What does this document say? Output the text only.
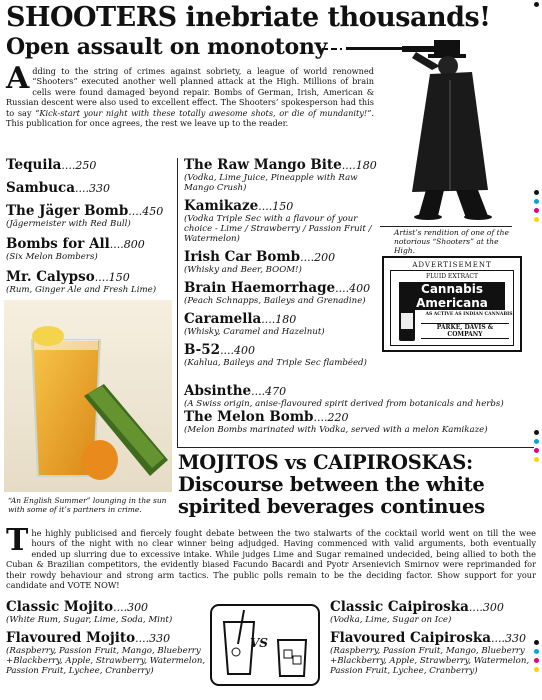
SHOOTERS inebriate thousands!
Open assault on monotony
Adding to the string of crimes against sobriety, a league of world renowned “Shooters” executed another well planned attack at the High. Millions of brain cells were found damaged beyond repair. Bombs of German, Irish, American & Russian descent were also used to excellent effect. The Shooters’ spokesperson had this to say “Kick-start your night with these totally awesome shots, or die of mundanity!”. This publication for once agrees, the rest we leave up to the reader.
Tequila....250
Sambuca....330
The Jäger Bomb....450
(Jägermeister with Red Bull)
Bombs for All....800
(Six Melon Bombers)
Mr. Calypso....150
(Rum, Ginger Ale and Fresh Lime)
The Raw Mango Bite....180
(Vodka, Lime Juice, Pineapple with Raw Mango Crush)
Kamikaze....150
(Vodka Triple Sec with a flavour of your choice - Lime / Strawberry / Passion Fruit / Watermelon)
Irish Car Bomb....200
(Whisky and Beer, BOOM!)
Brain Haemorrhage....400
(Peach Schnapps, Baileys and Grenadine)
Caramella....180
(Whisky, Caramel and Hazelnut)
B-52....400
(Kahlua, Baileys and Triple Sec flambéed)
Absinthe....470
(A Swiss origin, anise-flavoured spirit derived from botanicals and herbs)
The Melon Bomb....220
(Melon Bombs marinated with Vodka, served with a melon Kamikaze)
Artist’s rendition of one of the notorious “Shooters” at the High.
ADVERTISEMENT
FLUID EXTRACT
Cannabis Americana
AS ACTIVE AS INDIAN CANNABIS
PARKE, DAVIS & COMPANY
“An English Summer” lounging in the sun with some of it’s partners in crime.
MOJITOS vs CAIPIROSKAS: Discourse between the white spirited beverages continues
The highly publicised and fiercely fought debate between the two stalwarts of the cocktail world went on till the wee hours of the night with no clear winner being adjudged. Having commenced with valid arguments, both eventually ended up slurring due to excessive intake. While judges Lime and Sugar remained undecided, being allied to both the Cuban & Brazilian competitors, the evidently biased Facundo Bacardi and Pyotr Arsenievich Smirnov were reprimanded for their rowdy behaviour and strong arm tactics. The public polls remain to be the deciding factor. Show support for your candidate and VOTE NOW!
Classic Mojito....300
(White Rum, Sugar, Lime, Soda, Mint)
Flavoured Mojito....330
(Raspberry, Passion Fruit, Mango, Blueberry +Blackberry, Apple, Strawberry, Watermelon, Passion Fruit, Lychee, Cranberry)
VS
Classic Caipiroska....300
(Vodka, Lime, Sugar on Ice)
Flavoured Caipiroska....330
(Raspberry, Passion Fruit, Mango, Blueberry +Blackberry, Apple, Strawberry, Watermelon, Passion Fruit, Lychee, Cranberry)
